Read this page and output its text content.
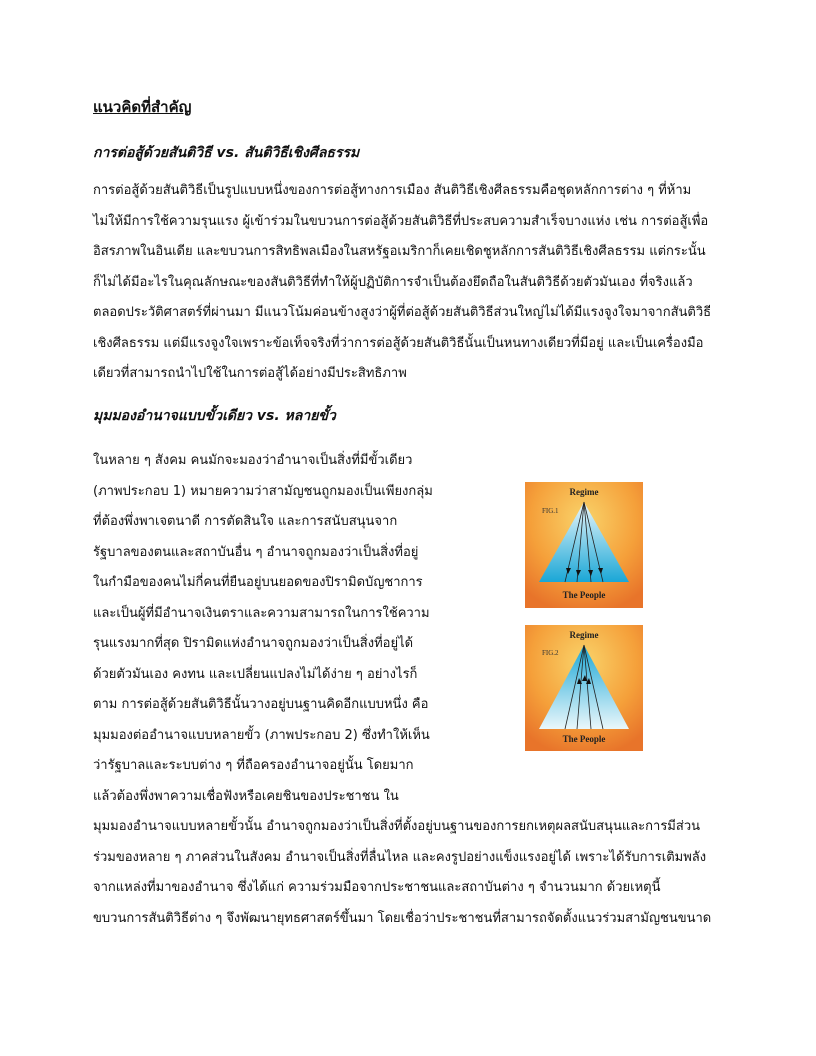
แนวคิดที่สำคัญ
การต่อสู้ด้วยสันติวิธี vs. สันติวิธีเชิงศีลธรรม
การต่อสู้ด้วยสันติวิธีเป็นรูปแบบหนึ่งของการต่อสู้ทางการเมือง สันติวิธีเชิงศีลธรรมคือชุดหลักการต่าง ๆ ที่ห้าม
ไม่ให้มีการใช้ความรุนแรง ผู้เข้าร่วมในขบวนการต่อสู้ด้วยสันติวิธีที่ประสบความสำเร็จบางแห่ง เช่น การต่อสู้เพื่อ
อิสรภาพในอินเดีย และขบวนการสิทธิพลเมืองในสหรัฐอเมริกาก็เคยเชิดชูหลักการสันติวิธีเชิงศีลธรรม แต่กระนั้น
ก็ไม่ได้มีอะไรในคุณลักษณะของสันติวิธีที่ทำให้ผู้ปฏิบัติการจำเป็นต้องยึดถือในสันติวิธีด้วยตัวมันเอง ที่จริงแล้ว
ตลอดประวัติศาสตร์ที่ผ่านมา มีแนวโน้มค่อนข้างสูงว่าผู้ที่ต่อสู้ด้วยสันติวิธีส่วนใหญ่ไม่ได้มีแรงจูงใจมาจากสันติวิธี
เชิงศีลธรรม แต่มีแรงจูงใจเพราะข้อเท็จจริงที่ว่าการต่อสู้ด้วยสันติวิธีนั้นเป็นหนทางเดียวที่มีอยู่ และเป็นเครื่องมือ
เดียวที่สามารถนำไปใช้ในการต่อสู้ได้อย่างมีประสิทธิภาพ
มุมมองอำนาจแบบขั้วเดียว vs. หลายขั้ว
ในหลาย ๆ สังคม คนมักจะมองว่าอำนาจเป็นสิ่งที่มีขั้วเดียว
(ภาพประกอบ 1) หมายความว่าสามัญชนถูกมองเป็นเพียงกลุ่ม
ที่ต้องพึ่งพาเจตนาดี การตัดสินใจ และการสนับสนุนจาก
รัฐบาลของตนและสถาบันอื่น ๆ อำนาจถูกมองว่าเป็นสิ่งที่อยู่
ในกำมือของคนไม่กี่คนที่ยืนอยู่บนยอดของปิรามิดบัญชาการ
และเป็นผู้ที่มีอำนาจเงินตราและความสามารถในการใช้ความ
รุนแรงมากที่สุด ปิรามิดแห่งอำนาจถูกมองว่าเป็นสิ่งที่อยู่ได้
ด้วยตัวมันเอง คงทน และเปลี่ยนแปลงไม่ได้ง่าย ๆ อย่างไรก็
ตาม การต่อสู้ด้วยสันติวิธีนั้นวางอยู่บนฐานคิดอีกแบบหนึ่ง คือ
มุมมองต่ออำนาจแบบหลายขั้ว (ภาพประกอบ 2) ซึ่งทำให้เห็น
ว่ารัฐบาลและระบบต่าง ๆ ที่ถือครองอำนาจอยู่นั้น โดยมาก
แล้วต้องพึ่งพาความเชื่อฟังหรือเคยชินของประชาชน ใน
มุมมองอำนาจแบบหลายขั้วนั้น อำนาจถูกมองว่าเป็นสิ่งที่ตั้งอยู่บนฐานของการยกเหตุผลสนับสนุนและการมีส่วน
ร่วมของหลาย ๆ ภาคส่วนในสังคม อำนาจเป็นสิ่งที่ลื่นไหล และคงรูปอย่างแข็งแรงอยู่ได้ เพราะได้รับการเติมพลัง
จากแหล่งที่มาของอำนาจ ซึ่งได้แก่ ความร่วมมือจากประชาชนและสถาบันต่าง ๆ จำนวนมาก ด้วยเหตุนี้
ขบวนการสันติวิธีต่าง ๆ จึงพัฒนายุทธศาสตร์ขึ้นมา โดยเชื่อว่าประชาชนที่สามารถจัดตั้งแนวร่วมสามัญชนขนาด
Regime
FIG.1
The People
Regime
FIG.2
The People
